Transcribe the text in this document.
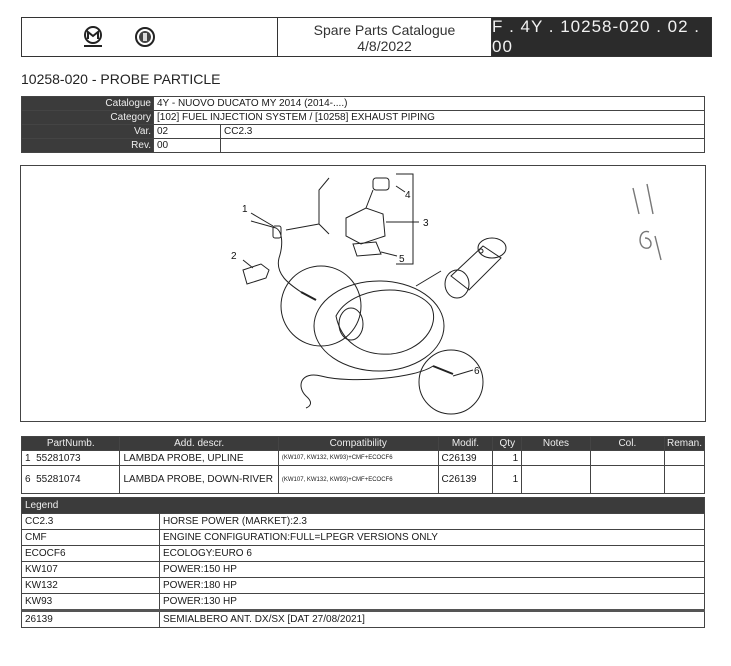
Spare Parts Catalogue
4/8/2022
F . 4Y . 10258-020 . 02 . 00
10258-020 - PROBE PARTICLE
Catalogue	4Y - NUOVO DUCATO MY 2014 (2014-....)	
Category	[102] FUEL INJECTION SYSTEM / [10258] EXHAUST PIPING	
Var.	02	CC2.3
Rev.	00	
1
2
3
4
5
6
PartNumb.	Add. descr.	Compatibility	Modif.	Qty	Notes	Col.	Reman.
1 55281073	LAMBDA PROBE, UPLINE	(KW107, KW132, KW93)+CMF+ECOCF6	C26139	1			
6 55281074	LAMBDA PROBE, DOWN-RIVER	(KW107, KW132, KW93)+CMF+ECOCF6	C26139	1			
Legend	
CC2.3	HORSE POWER (MARKET):2.3
CMF	ENGINE CONFIGURATION:FULL=LPEGR VERSIONS ONLY
ECOCF6	ECOLOGY:EURO 6
KW107	POWER:150 HP
KW132	POWER:180 HP
KW93	POWER:130 HP
26139	SEMIALBERO ANT. DX/SX [DAT 27/08/2021]
